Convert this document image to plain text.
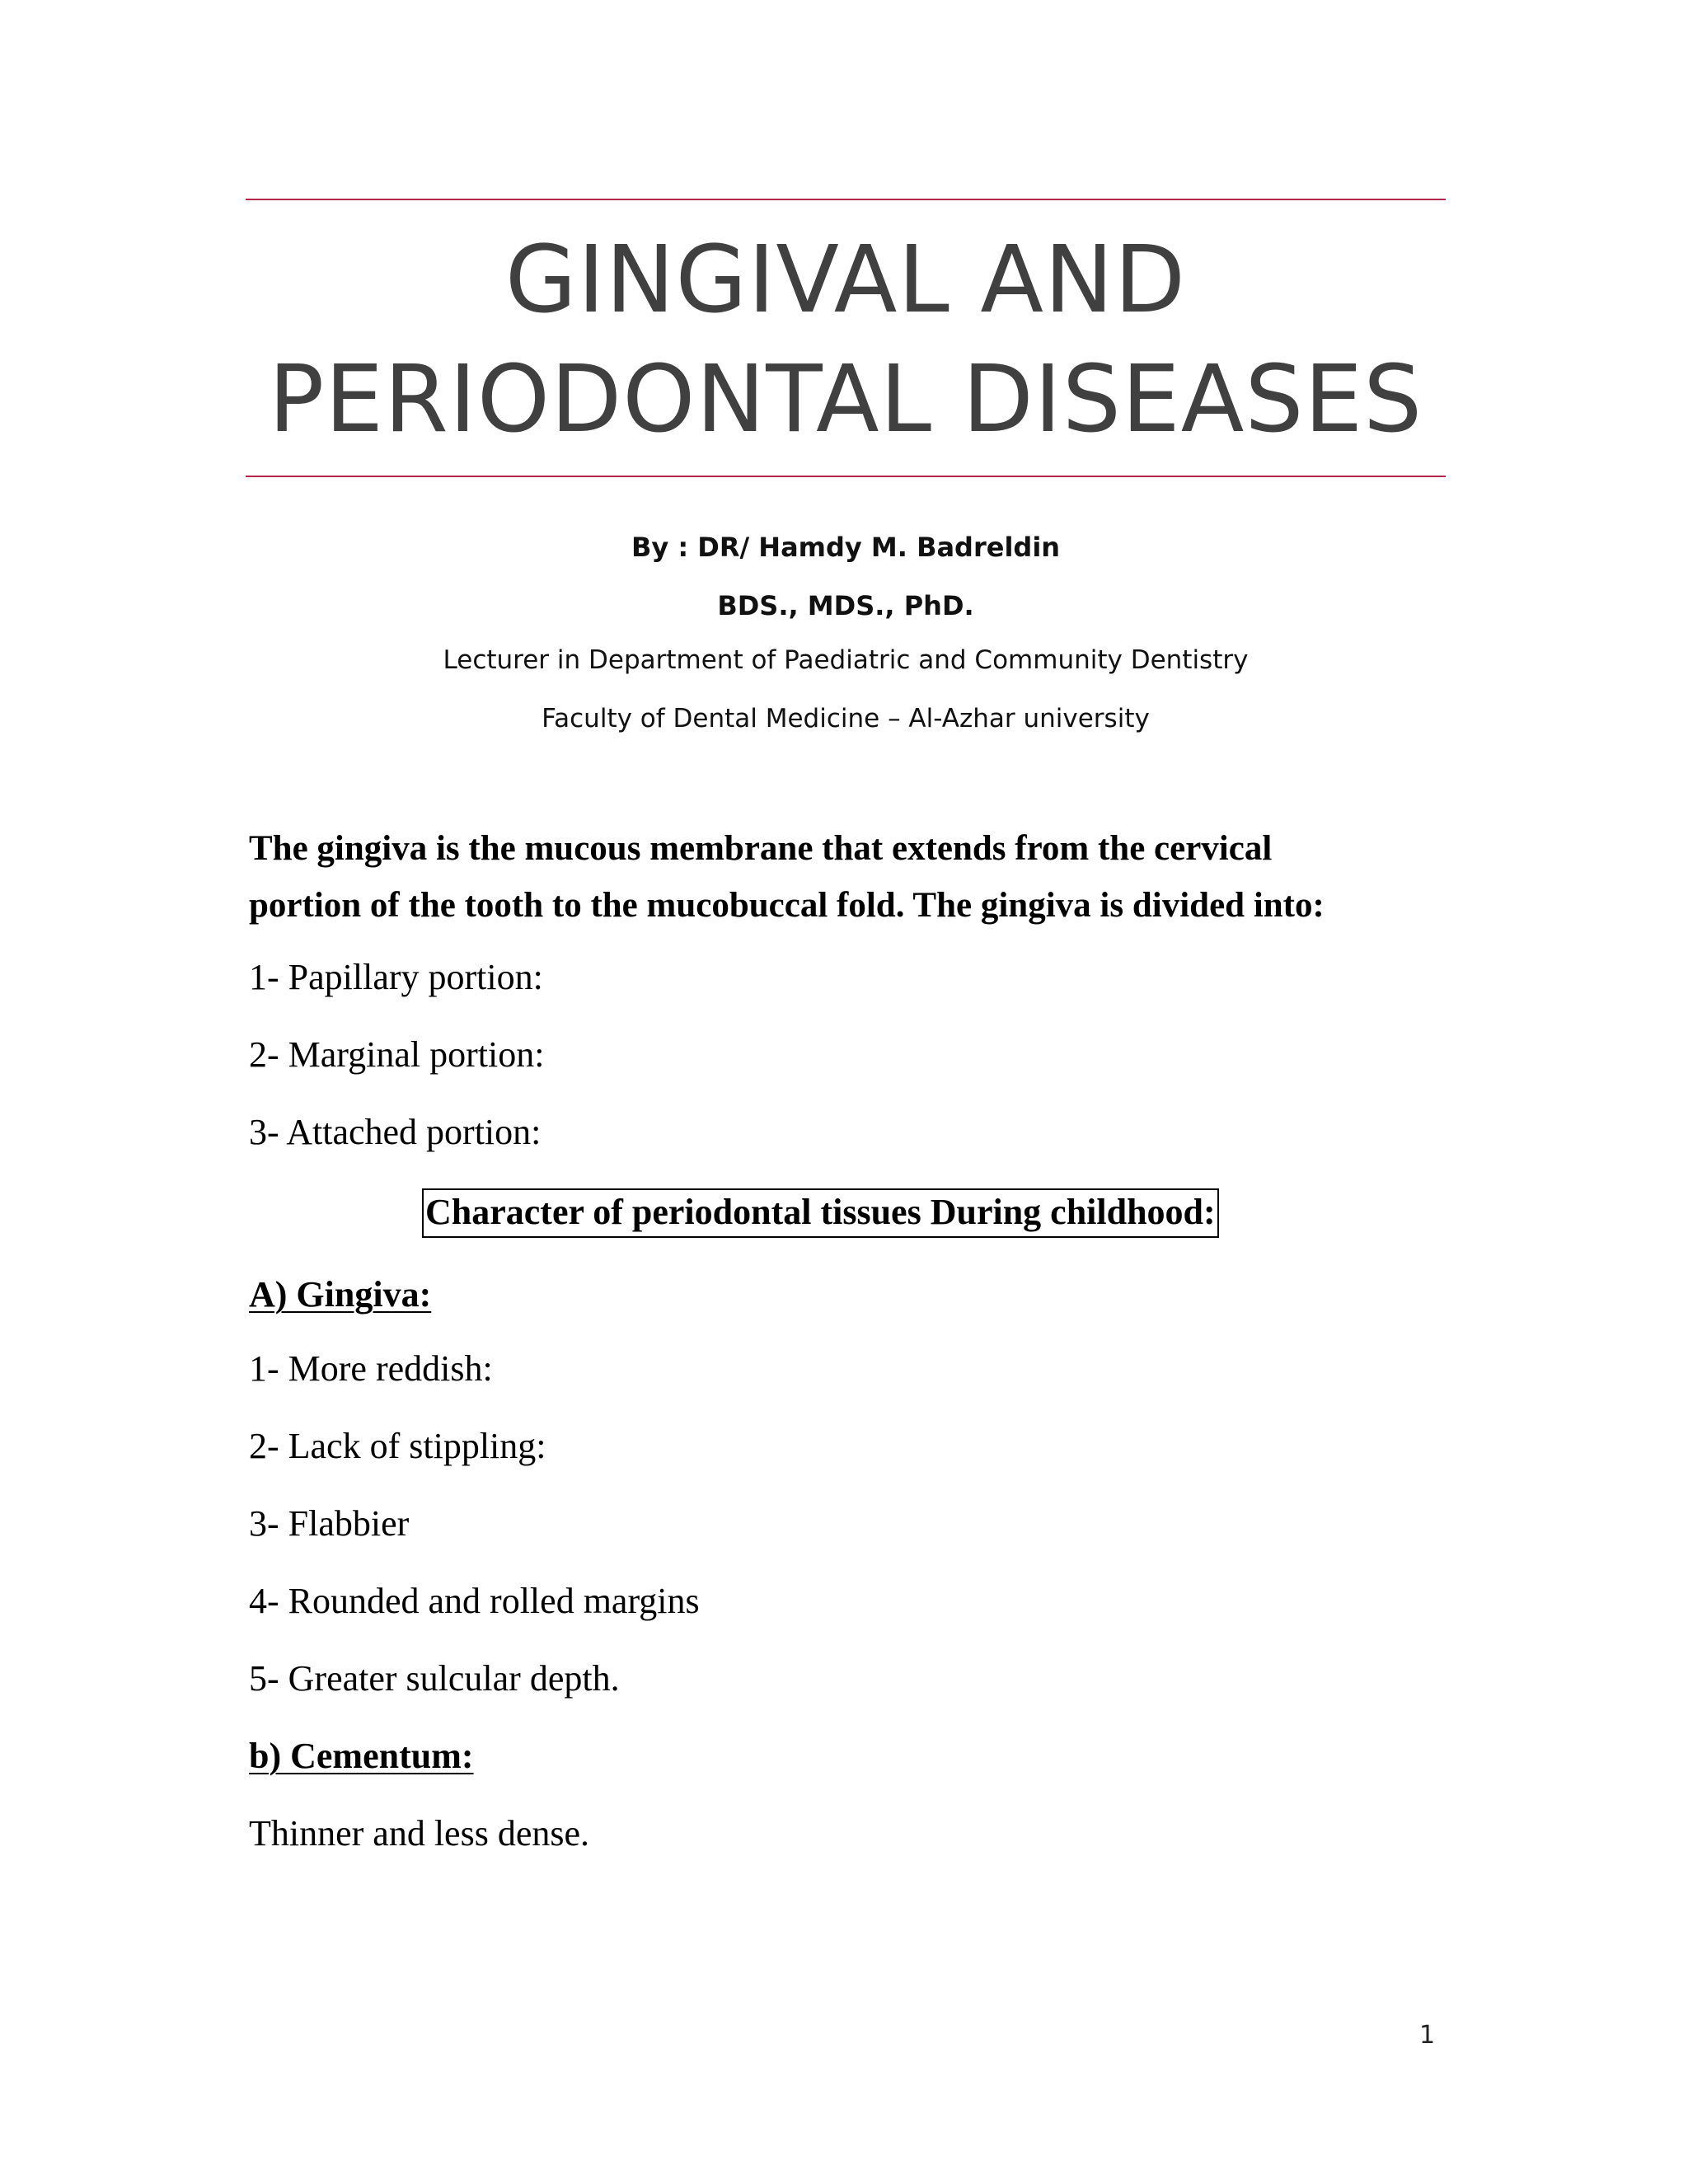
GINGIVAL AND
PERIODONTAL DISEASES

By : DR/ Hamdy M. Badreldin

BDS., MDS., PhD.

Lecturer in Department of Paediatric and Community Dentistry

Faculty of Dental Medicine – Al-Azhar university

The gingiva is the mucous membrane that extends from the cervical
portion of the tooth to the mucobuccal fold. The gingiva is divided into:

1- Papillary portion:

2- Marginal portion:

3- Attached portion:

Character of periodontal tissues During childhood:

A) Gingiva:

1- More reddish:

2- Lack of stippling:

3- Flabbier

4- Rounded and rolled margins

5- Greater sulcular depth.

b) Cementum:

Thinner and less dense.

1
